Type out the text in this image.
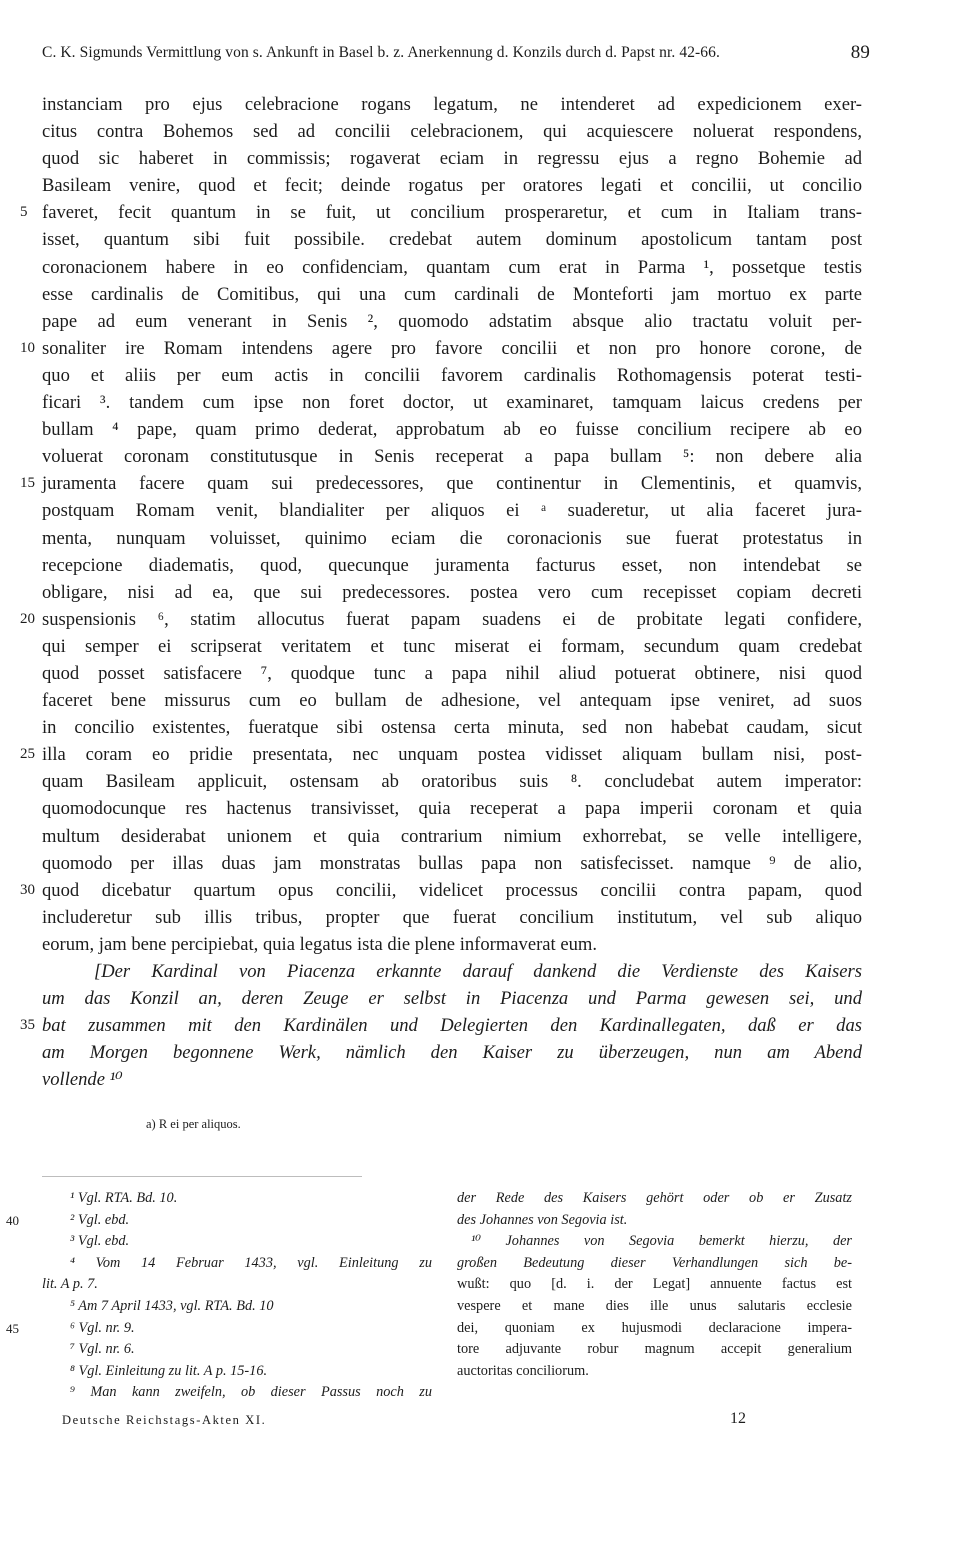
C. K. Sigmunds Vermittlung von s. Ankunft in Basel b. z. Anerkennung d. Konzils durch d. Papst nr. 42-66.	89
instanciam pro ejus celebracione rogans legatum, ne intenderet ad expedicionem exer-
citus contra Bohemos sed ad concilii celebracionem, qui acquiescere noluerat respondens,
quod sic haberet in commissis; rogaverat eciam in regressu ejus a regno Bohemie ad
Basileam venire, quod et fecit; deinde rogatus per oratores legati et concilii, ut concilio
5 faveret, fecit quantum in se fuit, ut concilium prosperaretur, et cum in Italiam trans-
isset, quantum sibi fuit possibile. credebat autem dominum apostolicum tantam post
coronacionem habere in eo confidenciam, quantam cum erat in Parma ¹, possetque testis
esse cardinalis de Comitibus, qui una cum cardinali de Monteforti jam mortuo ex parte
pape ad eum venerant in Senis ², quomodo adstatim absque alio tractatu voluit per-
10 sonaliter ire Romam intendens agere pro favore concilii et non pro honore corone, de
quo et aliis per eum actis in concilii favorem cardinalis Rothomagensis poterat testi-
ficari ³. tandem cum ipse non foret doctor, ut examinaret, tamquam laicus credens per
bullam ⁴ pape, quam primo dederat, approbatum ab eo fuisse concilium recipere ab eo
voluerat coronam constitutusque in Senis receperat a papa bullam ⁵: non debere alia
15 juramenta facere quam sui predecessores, que continentur in Clementinis, et quamvis,
postquam Romam venit, blandialiter per aliquos ei ᵃ suaderetur, ut alia faceret jura-
menta, nunquam voluisset, quinimo eciam die coronacionis sue fuerat protestatus in
recepcione diadematis, quod, quecunque juramenta facturus esset, non intendebat se
obligare, nisi ad ea, que sui predecessores. postea vero cum recepisset copiam decreti
20 suspensionis ⁶, statim allocutus fuerat papam suadens ei de probitate legati confidere,
qui semper ei scripserat veritatem et tunc miserat ei formam, secundum quam credebat
quod posset satisfacere ⁷, quodque tunc a papa nihil aliud potuerat obtinere, nisi quod
faceret bene missurus cum eo bullam de adhesione, vel antequam ipse veniret, ad suos
in concilio existentes, fueratque sibi ostensa certa minuta, sed non habebat caudam, sicut
25 illa coram eo pridie presentata, nec unquam postea vidisset aliquam bullam nisi, post-
quam Basileam applicuit, ostensam ab oratoribus suis ⁸. concludebat autem imperator:
quomodocunque res hactenus transivisset, quia receperat a papa imperii coronam et quia
multum desiderabat unionem et quia contrarium nimium exhorrebat, se velle intelligere,
quomodo per illas duas jam monstratas bullas papa non satisfecisset. namque ⁹ de alio,
30 quod dicebatur quartum opus concilii, videlicet processus concilii contra papam, quod
includeretur sub illis tribus, propter que fuerat concilium institutum, vel sub aliquo
eorum, jam bene percipiebat, quia legatus ista die plene informaverat eum.
[Der Kardinal von Piacenza erkannte darauf dankend die Verdienste des Kaisers
um das Konzil an, deren Zeuge er selbst in Piacenza und Parma gewesen sei, und
35 bat zusammen mit den Kardinälen und Delegierten den Kardinallegaten, daß er das
am Morgen begonnene Werk, nämlich den Kaiser zu überzeugen, nun am Abend
vollende ¹⁰
a) R ei per aliquos.
¹ Vgl. RTA. Bd. 10.
40	² Vgl. ebd.
³ Vgl. ebd.
⁴ Vom 14 Februar 1433, vgl. Einleitung zu
lit. A p. 7.
⁵ Am 7 April 1433, vgl. RTA. Bd. 10
45	⁶ Vgl. nr. 9.
⁷ Vgl. nr. 6.
⁸ Vgl. Einleitung zu lit. A p. 15-16.
⁹ Man kann zweifeln, ob dieser Passus noch zu
der Rede des Kaisers gehört oder ob er Zusatz
des Johannes von Segovia ist.
¹⁰ Johannes von Segovia bemerkt hierzu, der
großen Bedeutung dieser Verhandlungen sich be-
wußt: quo [d. i. der Legat] annuente factus est
vespere et mane dies ille unus salutaris ecclesie
dei, quoniam ex hujusmodi declaracione impera-
tore adjuvante robur magnum accepit generalium
auctoritas conciliorum.
Deutsche Reichstags-Akten XI.	12
